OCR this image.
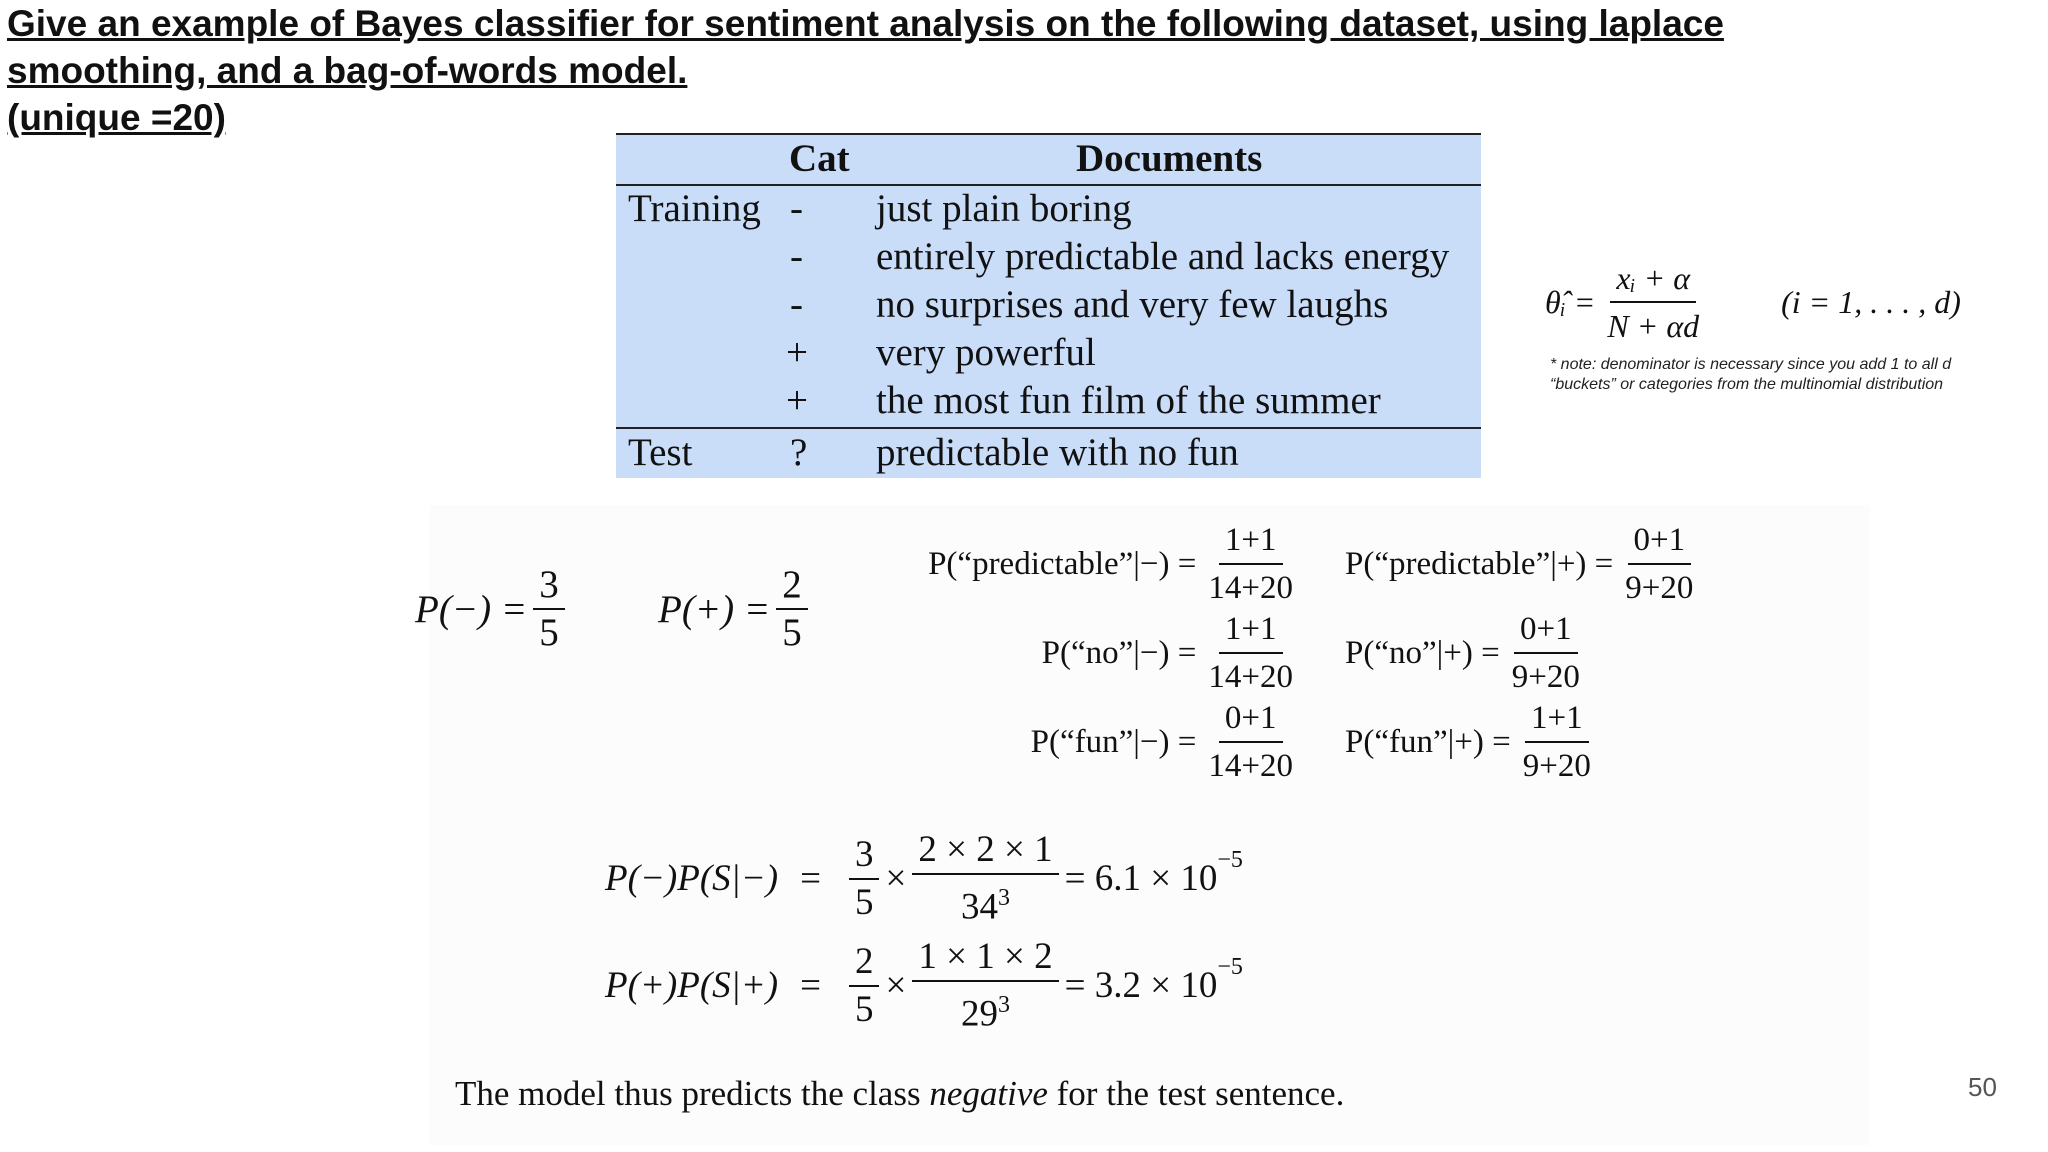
Give an example of Bayes classifier for sentiment analysis on the following dataset, using laplace
smoothing, and a bag-of-words model.
(unique =20)
Cat	Documents
Training - just plain boring
- entirely predictable and lacks energy
- no surprises and very few laughs
+ very powerful
+ the most fun film of the summer
Test	? predictable with no fun
θ̂ᵢ = $\frac{\text{xᵢ + α}}{N + \alpha d} (i = 1$, . . . , d)
* note: denominator is necessary since you add 1 to all d “buckets” or categories from the multinomial distribution
$P(-) = \frac{3}{5} P(+) = \frac{2}{5}$
P(“predictable”|−) = $\frac{1+1}{14+20}$
P(“no”|−) = $\frac{1+1}{14+20}$
P(“fun”|−) = $\frac{0+1}{14+20}$
P(“predictable”|+) = $\frac{0+1}{9+20}$
P(“no”|+) = $\frac{0+1}{9+20}$
P(“fun”|+) = $\frac{1+1}{9+20}$
$P(-)P(S|-) = \frac{3}{5} \times \frac{2 \times 2 \times 1}{34^3} = 6.1 \times 10^{-5}$
$P(+)P(S|+) = \frac{2}{5} \times \frac{1 \times 1 \times 2}{29^3} = 3.2 \times 10^{-5}$
The model thus predicts the class negative for the test sentence.	50
